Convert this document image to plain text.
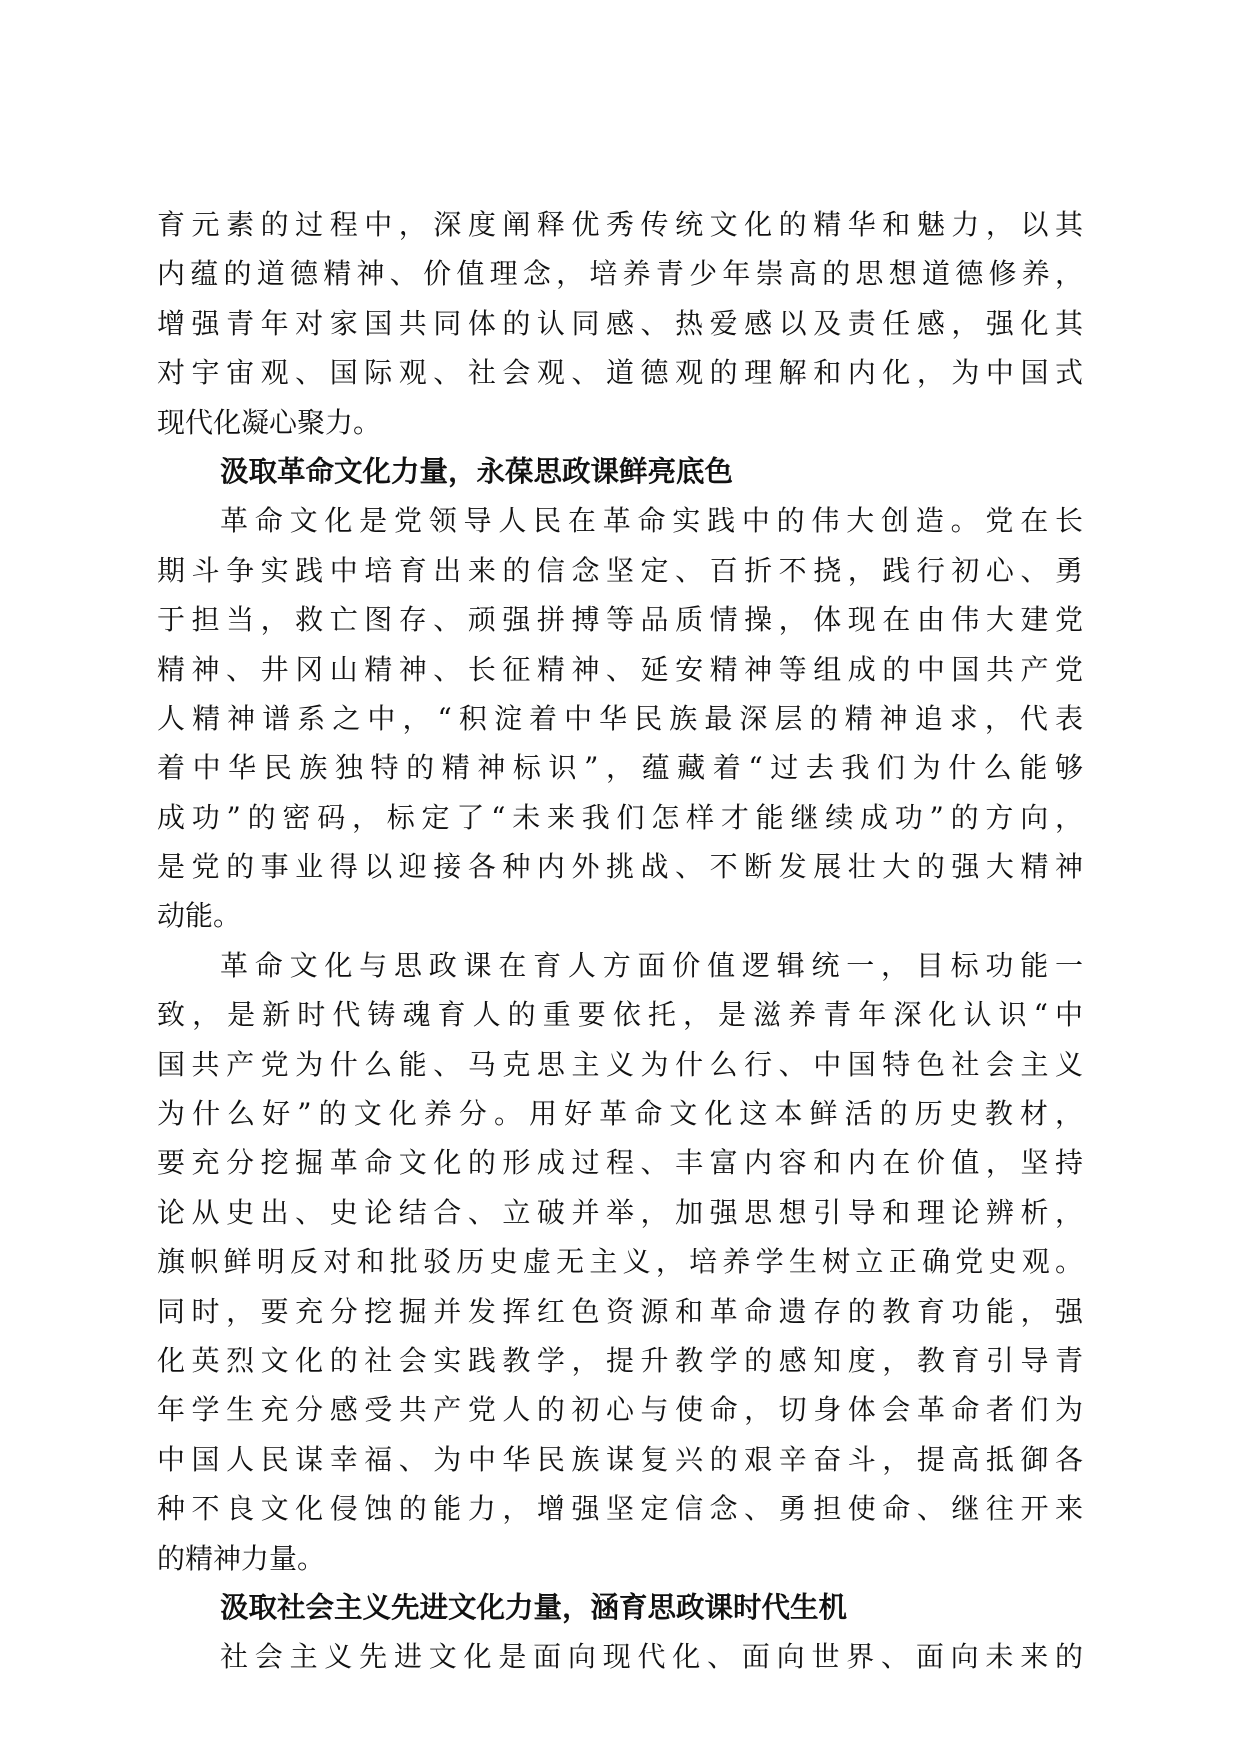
育元素的过程中，深度阐释优秀传统文化的精华和魅力，以其
内蕴的道德精神、价值理念，培养青少年崇高的思想道德修养，
增强青年对家国共同体的认同感、热爱感以及责任感，强化其
对宇宙观、国际观、社会观、道德观的理解和内化，为中国式
现代化凝心聚力。
汲取革命文化力量，永葆思政课鲜亮底色
革命文化是党领导人民在革命实践中的伟大创造。党在长
期斗争实践中培育出来的信念坚定、百折不挠，践行初心、勇
于担当，救亡图存、顽强拼搏等品质情操，体现在由伟大建党
精神、井冈山精神、长征精神、延安精神等组成的中国共产党
人精神谱系之中，“积淀着中华民族最深层的精神追求，代表
着中华民族独特的精神标识”，蕴藏着“过去我们为什么能够
成功”的密码，标定了“未来我们怎样才能继续成功”的方向，
是党的事业得以迎接各种内外挑战、不断发展壮大的强大精神
动能。
革命文化与思政课在育人方面价值逻辑统一，目标功能一
致，是新时代铸魂育人的重要依托，是滋养青年深化认识“中
国共产党为什么能、马克思主义为什么行、中国特色社会主义
为什么好”的文化养分。用好革命文化这本鲜活的历史教材，
要充分挖掘革命文化的形成过程、丰富内容和内在价值，坚持
论从史出、史论结合、立破并举，加强思想引导和理论辨析，
旗帜鲜明反对和批驳历史虚无主义，培养学生树立正确党史观。
同时，要充分挖掘并发挥红色资源和革命遗存的教育功能，强
化英烈文化的社会实践教学，提升教学的感知度，教育引导青
年学生充分感受共产党人的初心与使命，切身体会革命者们为
中国人民谋幸福、为中华民族谋复兴的艰辛奋斗，提高抵御各
种不良文化侵蚀的能力，增强坚定信念、勇担使命、继往开来
的精神力量。
汲取社会主义先进文化力量，涵育思政课时代生机
社会主义先进文化是面向现代化、面向世界、面向未来的
